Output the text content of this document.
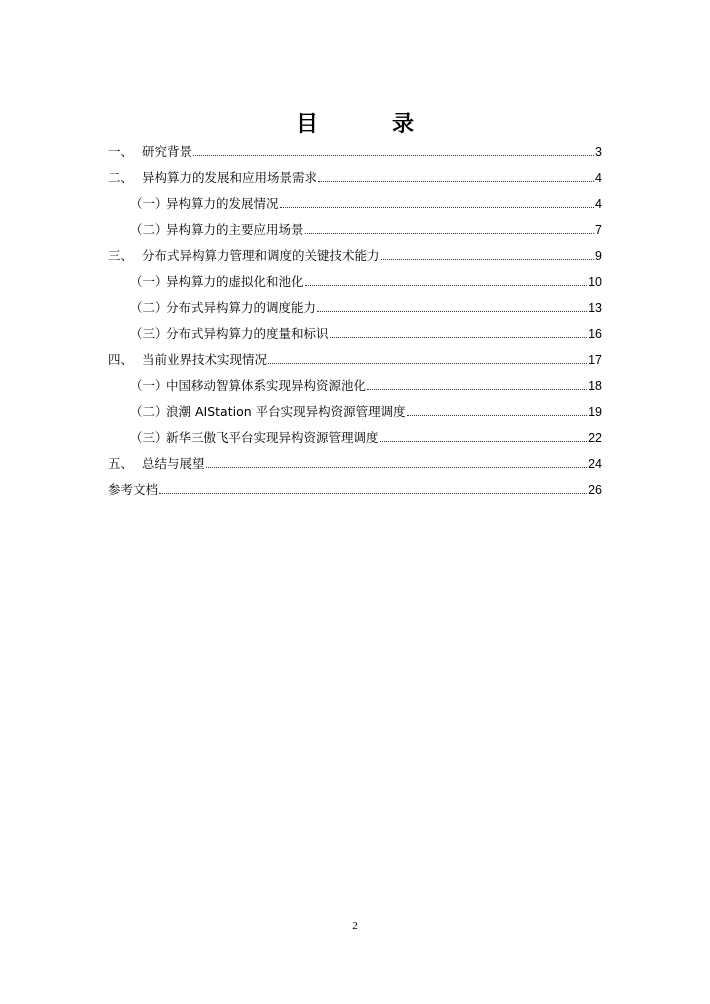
目　录
一、 研究背景	3
二、 异构算力的发展和应用场景需求	4
（一）异构算力的发展情况	4
（二）异构算力的主要应用场景	7
三、 分布式异构算力管理和调度的关键技术能力	9
（一）异构算力的虚拟化和池化	10
（二）分布式异构算力的调度能力	13
（三）分布式异构算力的度量和标识	16
四、 当前业界技术实现情况	17
（一）中国移动智算体系实现异构资源池化	18
（二）浪潮 AIStation 平台实现异构资源管理调度	19
（三）新华三傲飞平台实现异构资源管理调度	22
五、 总结与展望	24
参考文档	26
2
